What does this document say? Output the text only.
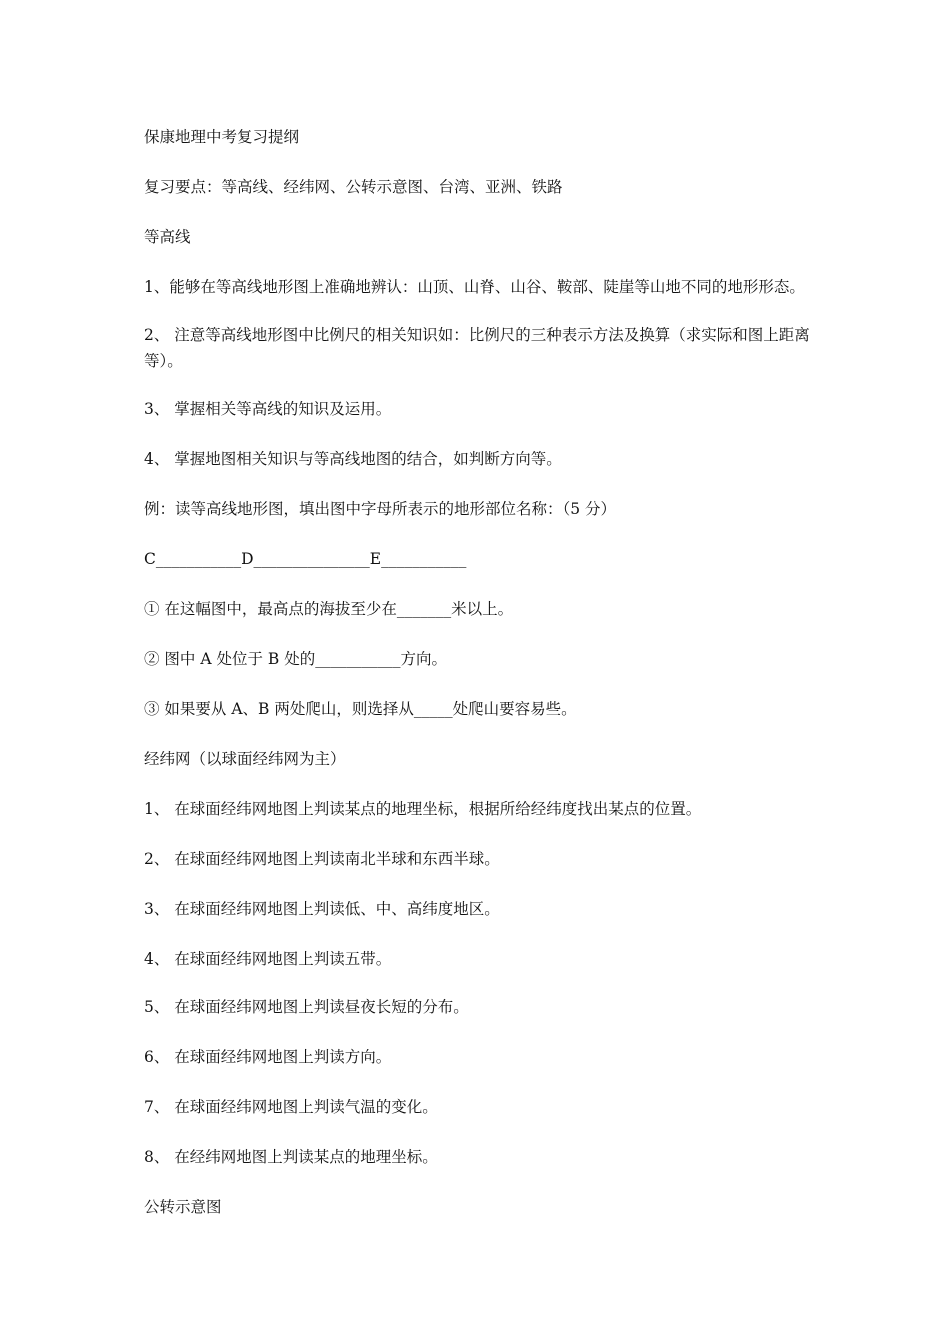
保康地理中考复习提纲

复习要点：等高线、经纬网、公转示意图、台湾、亚洲、铁路

等高线

1、能够在等高线地形图上准确地辨认：山顶、山脊、山谷、鞍部、陡崖等山地不同的地形形态。

2、 注意等高线地形图中比例尺的相关知识如：比例尺的三种表示方法及换算（求实际和图上距离等）。

3、 掌握相关等高线的知识及运用。

4、 掌握地图相关知识与等高线地图的结合，如判断方向等。

例：读等高线地形图，填出图中字母所表示的地形部位名称：（5 分）

C___________D_______________E___________

① 在这幅图中，最高点的海拔至少在_______米以上。

② 图中 A 处位于 B 处的___________方向。

③ 如果要从 A、B 两处爬山，则选择从_____处爬山要容易些。

经纬网（以球面经纬网为主）

1、 在球面经纬网地图上判读某点的地理坐标，根据所给经纬度找出某点的位置。

2、 在球面经纬网地图上判读南北半球和东西半球。

3、 在球面经纬网地图上判读低、中、高纬度地区。

4、 在球面经纬网地图上判读五带。

5、 在球面经纬网地图上判读昼夜长短的分布。

6、 在球面经纬网地图上判读方向。

7、 在球面经纬网地图上判读气温的变化。

8、 在经纬网地图上判读某点的地理坐标。

公转示意图
